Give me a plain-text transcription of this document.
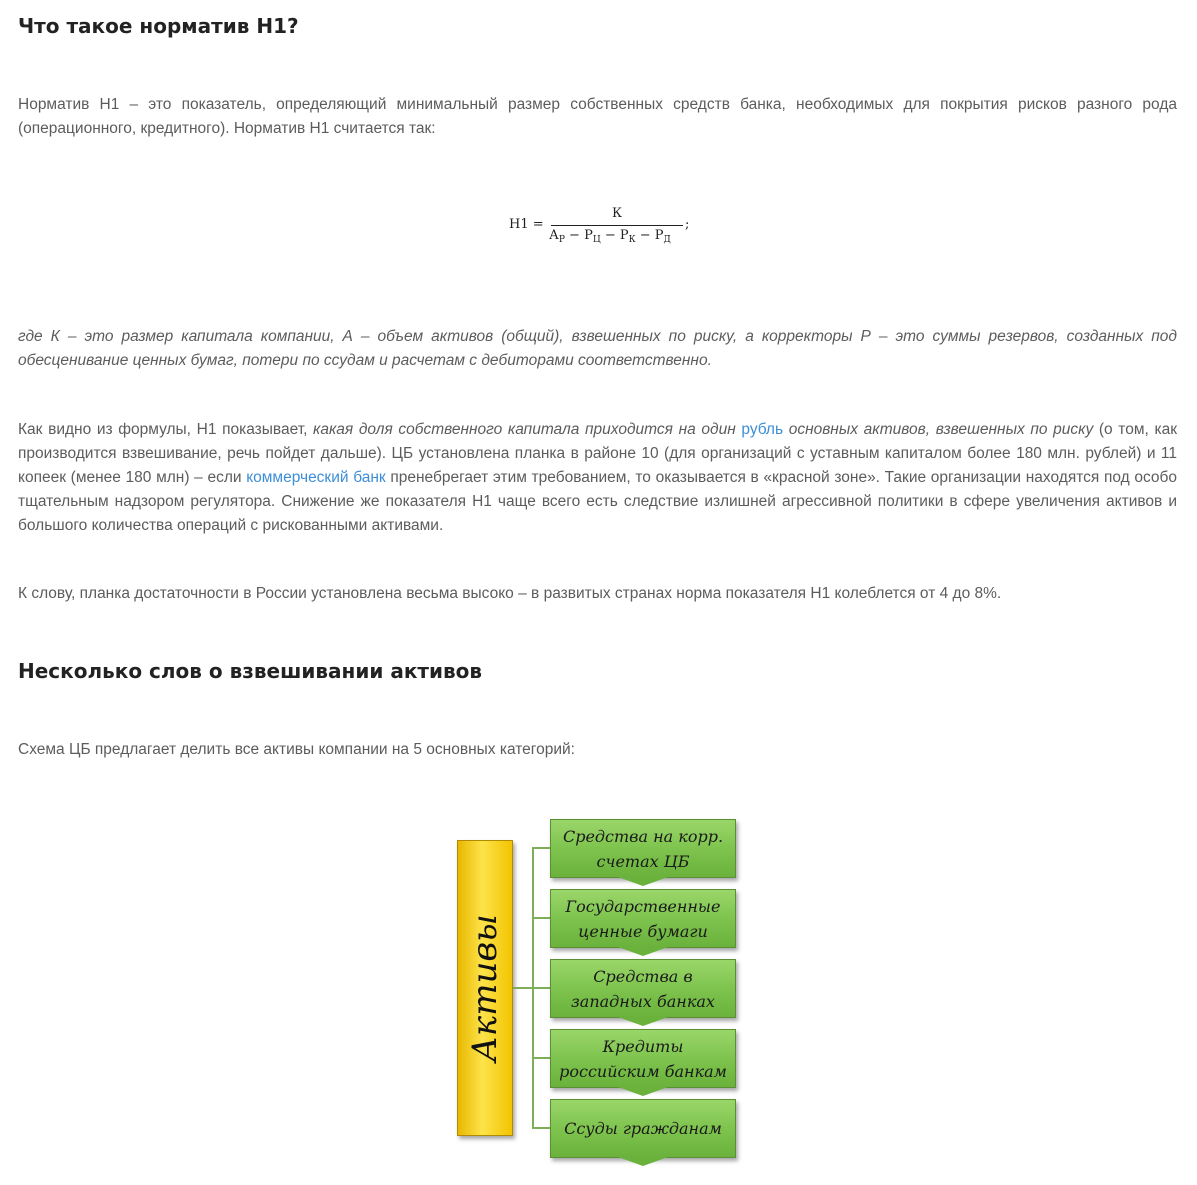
Что такое норматив Н1?

Норматив Н1 – это показатель, определяющий минимальный размер собственных средств банка, необходимых для покрытия рисков разного рода (операционного, кредитного). Норматив Н1 считается так:

Н1 =
К
$А_Р - Р_Ц - Р_К - Р_Д$
;

где К – это размер капитала компании, А – объем активов (общий), взвешенных по риску, а корректоры Р – это суммы резервов, созданных под обесценивание ценных бумаг, потери по ссудам и расчетам с дебиторами соответственно.

Как видно из формулы, Н1 показывает, какая доля собственного капитала приходится на один рубль основных активов, взвешенных по риску (о том, как производится взвешивание, речь пойдет дальше). ЦБ установлена планка в районе 10 (для организаций с уставным капиталом более 180 млн. рублей) и 11 копеек (менее 180 млн) – если коммерческий банк пренебрегает этим требованием, то оказывается в «красной зоне». Такие организации находятся под особо тщательным надзором регулятора. Снижение же показателя Н1 чаще всего есть следствие излишней агрессивной политики в сфере увеличения активов и большого количества операций с рискованными активами.

К слову, планка достаточности в России установлена весьма высоко – в развитых странах норма показателя Н1 колеблется от 4 до 8%.

Несколько слов о взвешивании активов

Схема ЦБ предлагает делить все активы компании на 5 основных категорий:

Активы
Средства на корр. счетах ЦБ
Государственные ценные бумаги
Средства в западных банках
Кредиты российским банкам
Ссуды гражданам
